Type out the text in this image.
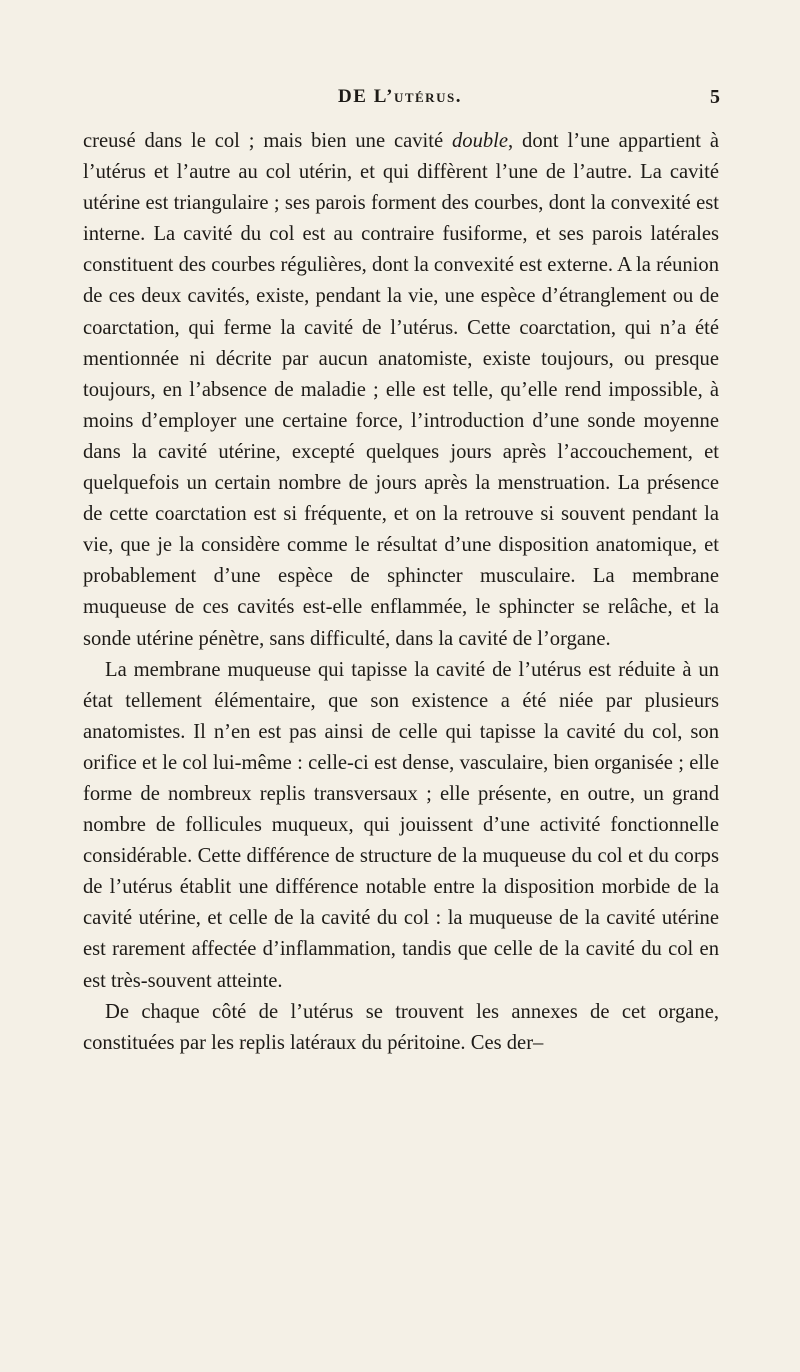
DE L’utérus.	5

creusé dans le col ; mais bien une cavité double, dont l’une appartient à l’utérus et l’autre au col utérin, et qui diffèrent l’une de l’autre. La cavité utérine est triangulaire ; ses parois forment des courbes, dont la convexité est interne. La cavité du col est au contraire fusiforme, et ses parois latérales constituent des courbes régulières, dont la convexité est externe. A la réunion de ces deux cavités, existe, pendant la vie, une espèce d’étranglement ou de coarctation, qui ferme la cavité de l’utérus. Cette coarctation, qui n’a été mentionnée ni décrite par aucun anatomiste, existe toujours, ou presque toujours, en l’absence de maladie ; elle est telle, qu’elle rend impossible, à moins d’employer une certaine force, l’introduction d’une sonde moyenne dans la cavité utérine, excepté quelques jours après l’accouchement, et quelquefois un certain nombre de jours après la menstruation. La présence de cette coarctation est si fréquente, et on la retrouve si souvent pendant la vie, que je la considère comme le résultat d’une disposition anatomique, et probablement d’une espèce de sphincter musculaire. La membrane muqueuse de ces cavités est-elle enflammée, le sphincter se relâche, et la sonde utérine pénètre, sans difficulté, dans la cavité de l’organe.

La membrane muqueuse qui tapisse la cavité de l’utérus est réduite à un état tellement élémentaire, que son existence a été niée par plusieurs anatomistes. Il n’en est pas ainsi de celle qui tapisse la cavité du col, son orifice et le col lui-même : celle-ci est dense, vasculaire, bien organisée ; elle forme de nombreux replis transversaux ; elle présente, en outre, un grand nombre de follicules muqueux, qui jouissent d’une activité fonctionnelle considérable. Cette différence de structure de la muqueuse du col et du corps de l’utérus établit une différence notable entre la disposition morbide de la cavité utérine, et celle de la cavité du col : la muqueuse de la cavité utérine est rarement affectée d’inflammation, tandis que celle de la cavité du col en est très-souvent atteinte.

De chaque côté de l’utérus se trouvent les annexes de cet organe, constituées par les replis latéraux du péritoine. Ces der–
